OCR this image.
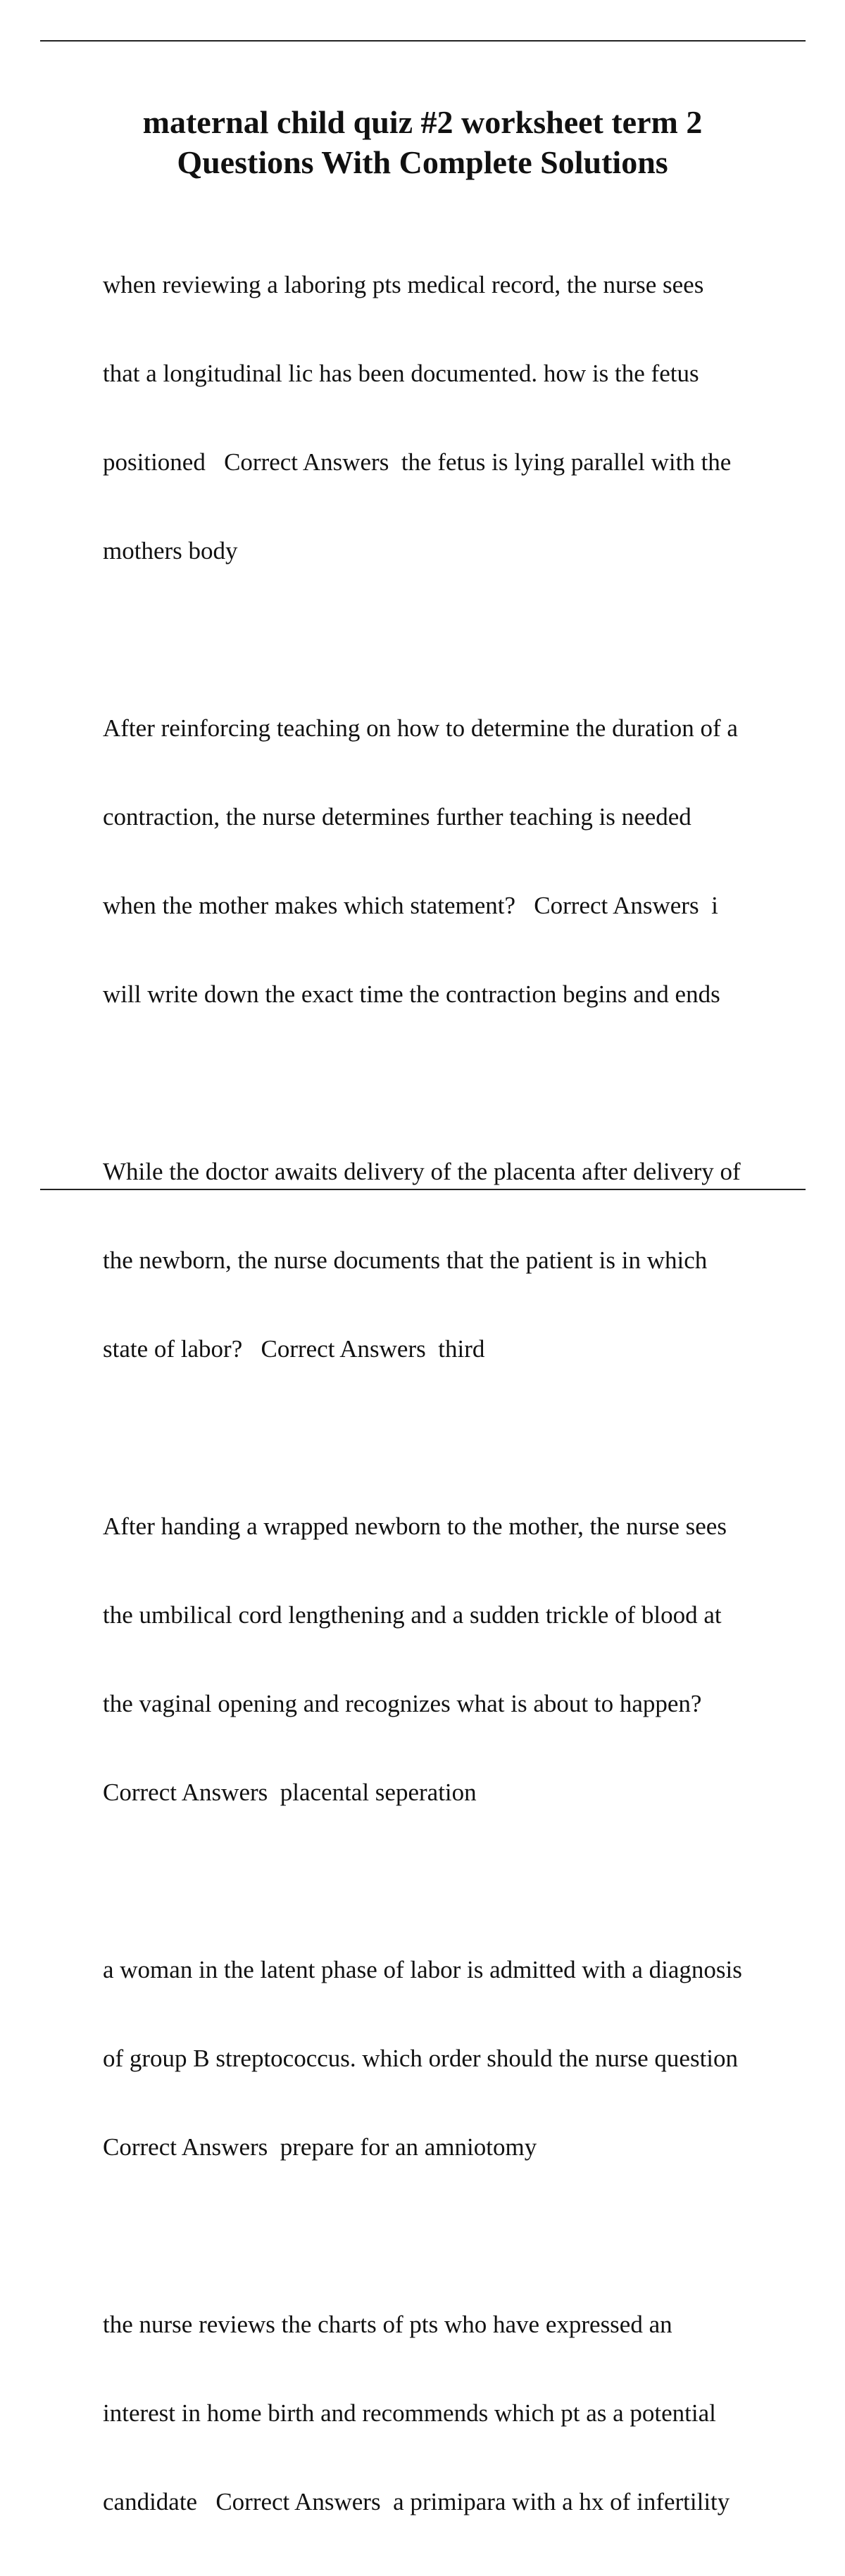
maternal child quiz #2 worksheet term 2
Questions With Complete Solutions

when reviewing a laboring pts medical record, the nurse sees

that a longitudinal lic has been documented. how is the fetus

positioned   Correct Answers  the fetus is lying parallel with the

mothers body

After reinforcing teaching on how to determine the duration of a

contraction, the nurse determines further teaching is needed

when the mother makes which statement?   Correct Answers  i

will write down the exact time the contraction begins and ends

While the doctor awaits delivery of the placenta after delivery of

the newborn, the nurse documents that the patient is in which

state of labor?   Correct Answers  third

After handing a wrapped newborn to the mother, the nurse sees

the umbilical cord lengthening and a sudden trickle of blood at

the vaginal opening and recognizes what is about to happen?

Correct Answers  placental seperation

a woman in the latent phase of labor is admitted with a diagnosis

of group B streptococcus. which order should the nurse question

Correct Answers  prepare for an amniotomy

the nurse reviews the charts of pts who have expressed an

interest in home birth and recommends which pt as a potential

candidate   Correct Answers  a primipara with a hx of infertility
